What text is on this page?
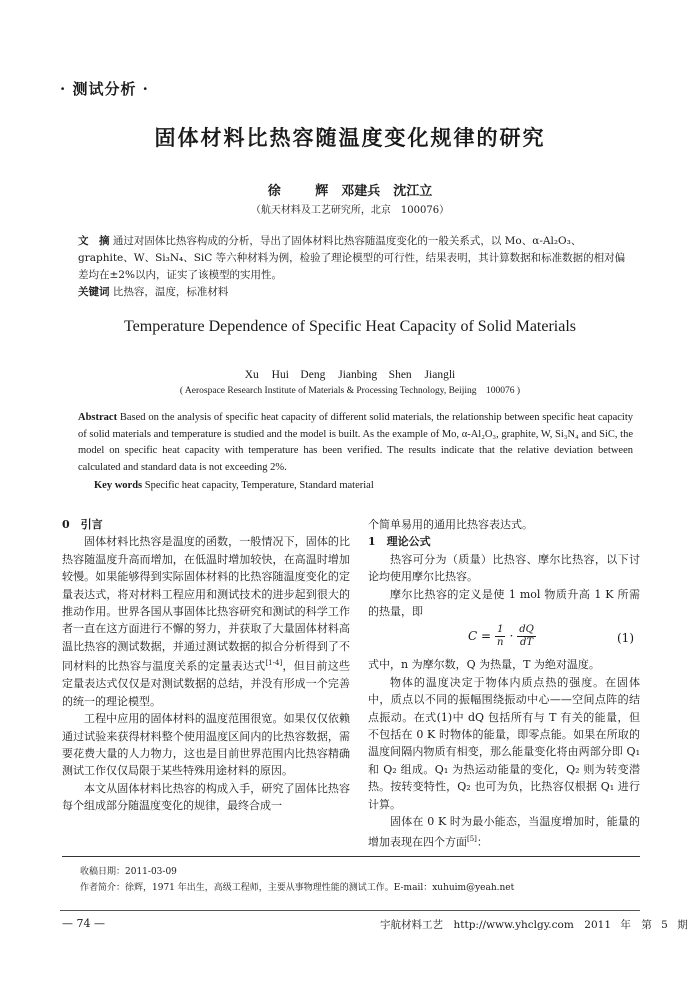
· 测试分析 ·
固体材料比热容随温度变化规律的研究
徐 辉　邓建兵　沈江立
（航天材料及工艺研究所，北京　100076）
文　摘 通过对固体比热容构成的分析，导出了固体材料比热容随温度变化的一般关系式，以 Mo、α-Al₂O₃、graphite、W、Si₃N₄、SiC 等六种材料为例，检验了理论模型的可行性，结果表明，其计算数据和标准数据的相对偏差均在±2%以内，证实了该模型的实用性。
关键词 比热容，温度，标准材料
Temperature Dependence of Specific Heat Capacity of Solid Materials
Xu Hui　Deng Jianbing　Shen Jiangli
( Aerospace Research Institute of Materials & Processing Technology, Beijing　100076 )
Abstract Based on the analysis of specific heat capacity of different solid materials, the relationship between specific heat capacity of solid materials and temperature is studied and the model is built. As the example of Mo, α-Al₂O₃, graphite, W, Si₃N₄ and SiC, the model on specific heat capacity with temperature has been verified. The results indicate that the relative deviation between calculated and standard data is not exceeding 2%.
Key words Specific heat capacity, Temperature, Standard material

0　引言

固体材料比热容是温度的函数，一般情况下，固体的比热容随温度升高而增加，在低温时增加较快，在高温时增加较慢。如果能够得到实际固体材料的比热容随温度变化的定量表达式，将对材料工程应用和测试技术的进步起到很大的推动作用。世界各国从事固体比热容研究和测试的科学工作者一直在这方面进行不懈的努力，并获取了大量固体材料高温比热容的测试数据，并通过测试数据的拟合分析得到了不同材料的比热容与温度关系的定量表达式[1-4]，但目前这些定量表达式仅仅是对测试数据的总结，并没有形成一个完善的统一的理论模型。

工程中应用的固体材料的温度范围很宽。如果仅仅依赖通过试验来获得材料整个使用温度区间内的比热容数据，需要花费大量的人力物力，这也是目前世界范围内比热容精确测试工作仅仅局限于某些特殊用途材料的原因。

本文从固体材料比热容的构成入手，研究了固体比热容每个组成部分随温度变化的规律，最终合成一

个简单易用的通用比热容表达式。

1　理论公式

热容可分为（质量）比热容、摩尔比热容，以下讨论均使用摩尔比热容。

摩尔比热容的定义是使 1 mol 物质升高 1 K 所需的热量，即

$C = \frac{1}{n} \cdot \frac{dQ}{dT}$	(1)

式中，n 为摩尔数，Q 为热量，T 为绝对温度。

物体的温度决定于物体内质点热的强度。在固体中，质点以不同的振幅围绕振动中心——空间点阵的结点振动。在式(1)中 dQ 包括所有与 T 有关的能量，但不包括在 0 K 时物体的能量，即零点能。如果在所取的温度间隔内物质有相变，那么能量变化将由两部分即 Q₁ 和 Q₂ 组成。Q₁ 为热运动能量的变化，Q₂ 则为转变潜热。按转变特性，Q₂ 也可为负，比热容仅根据 Q₁ 进行计算。

固体在 0 K 时为最小能态，当温度增加时，能量的增加表现在四个方面[5]：

收稿日期：2011-03-09
作者简介：徐辉，1971 年出生，高级工程师，主要从事物理性能的测试工作。E-mail：xuhuim@yeah.net
— 74 —	宇航材料工艺　http://www.yhclgy.com　2011 年　第 5 期
